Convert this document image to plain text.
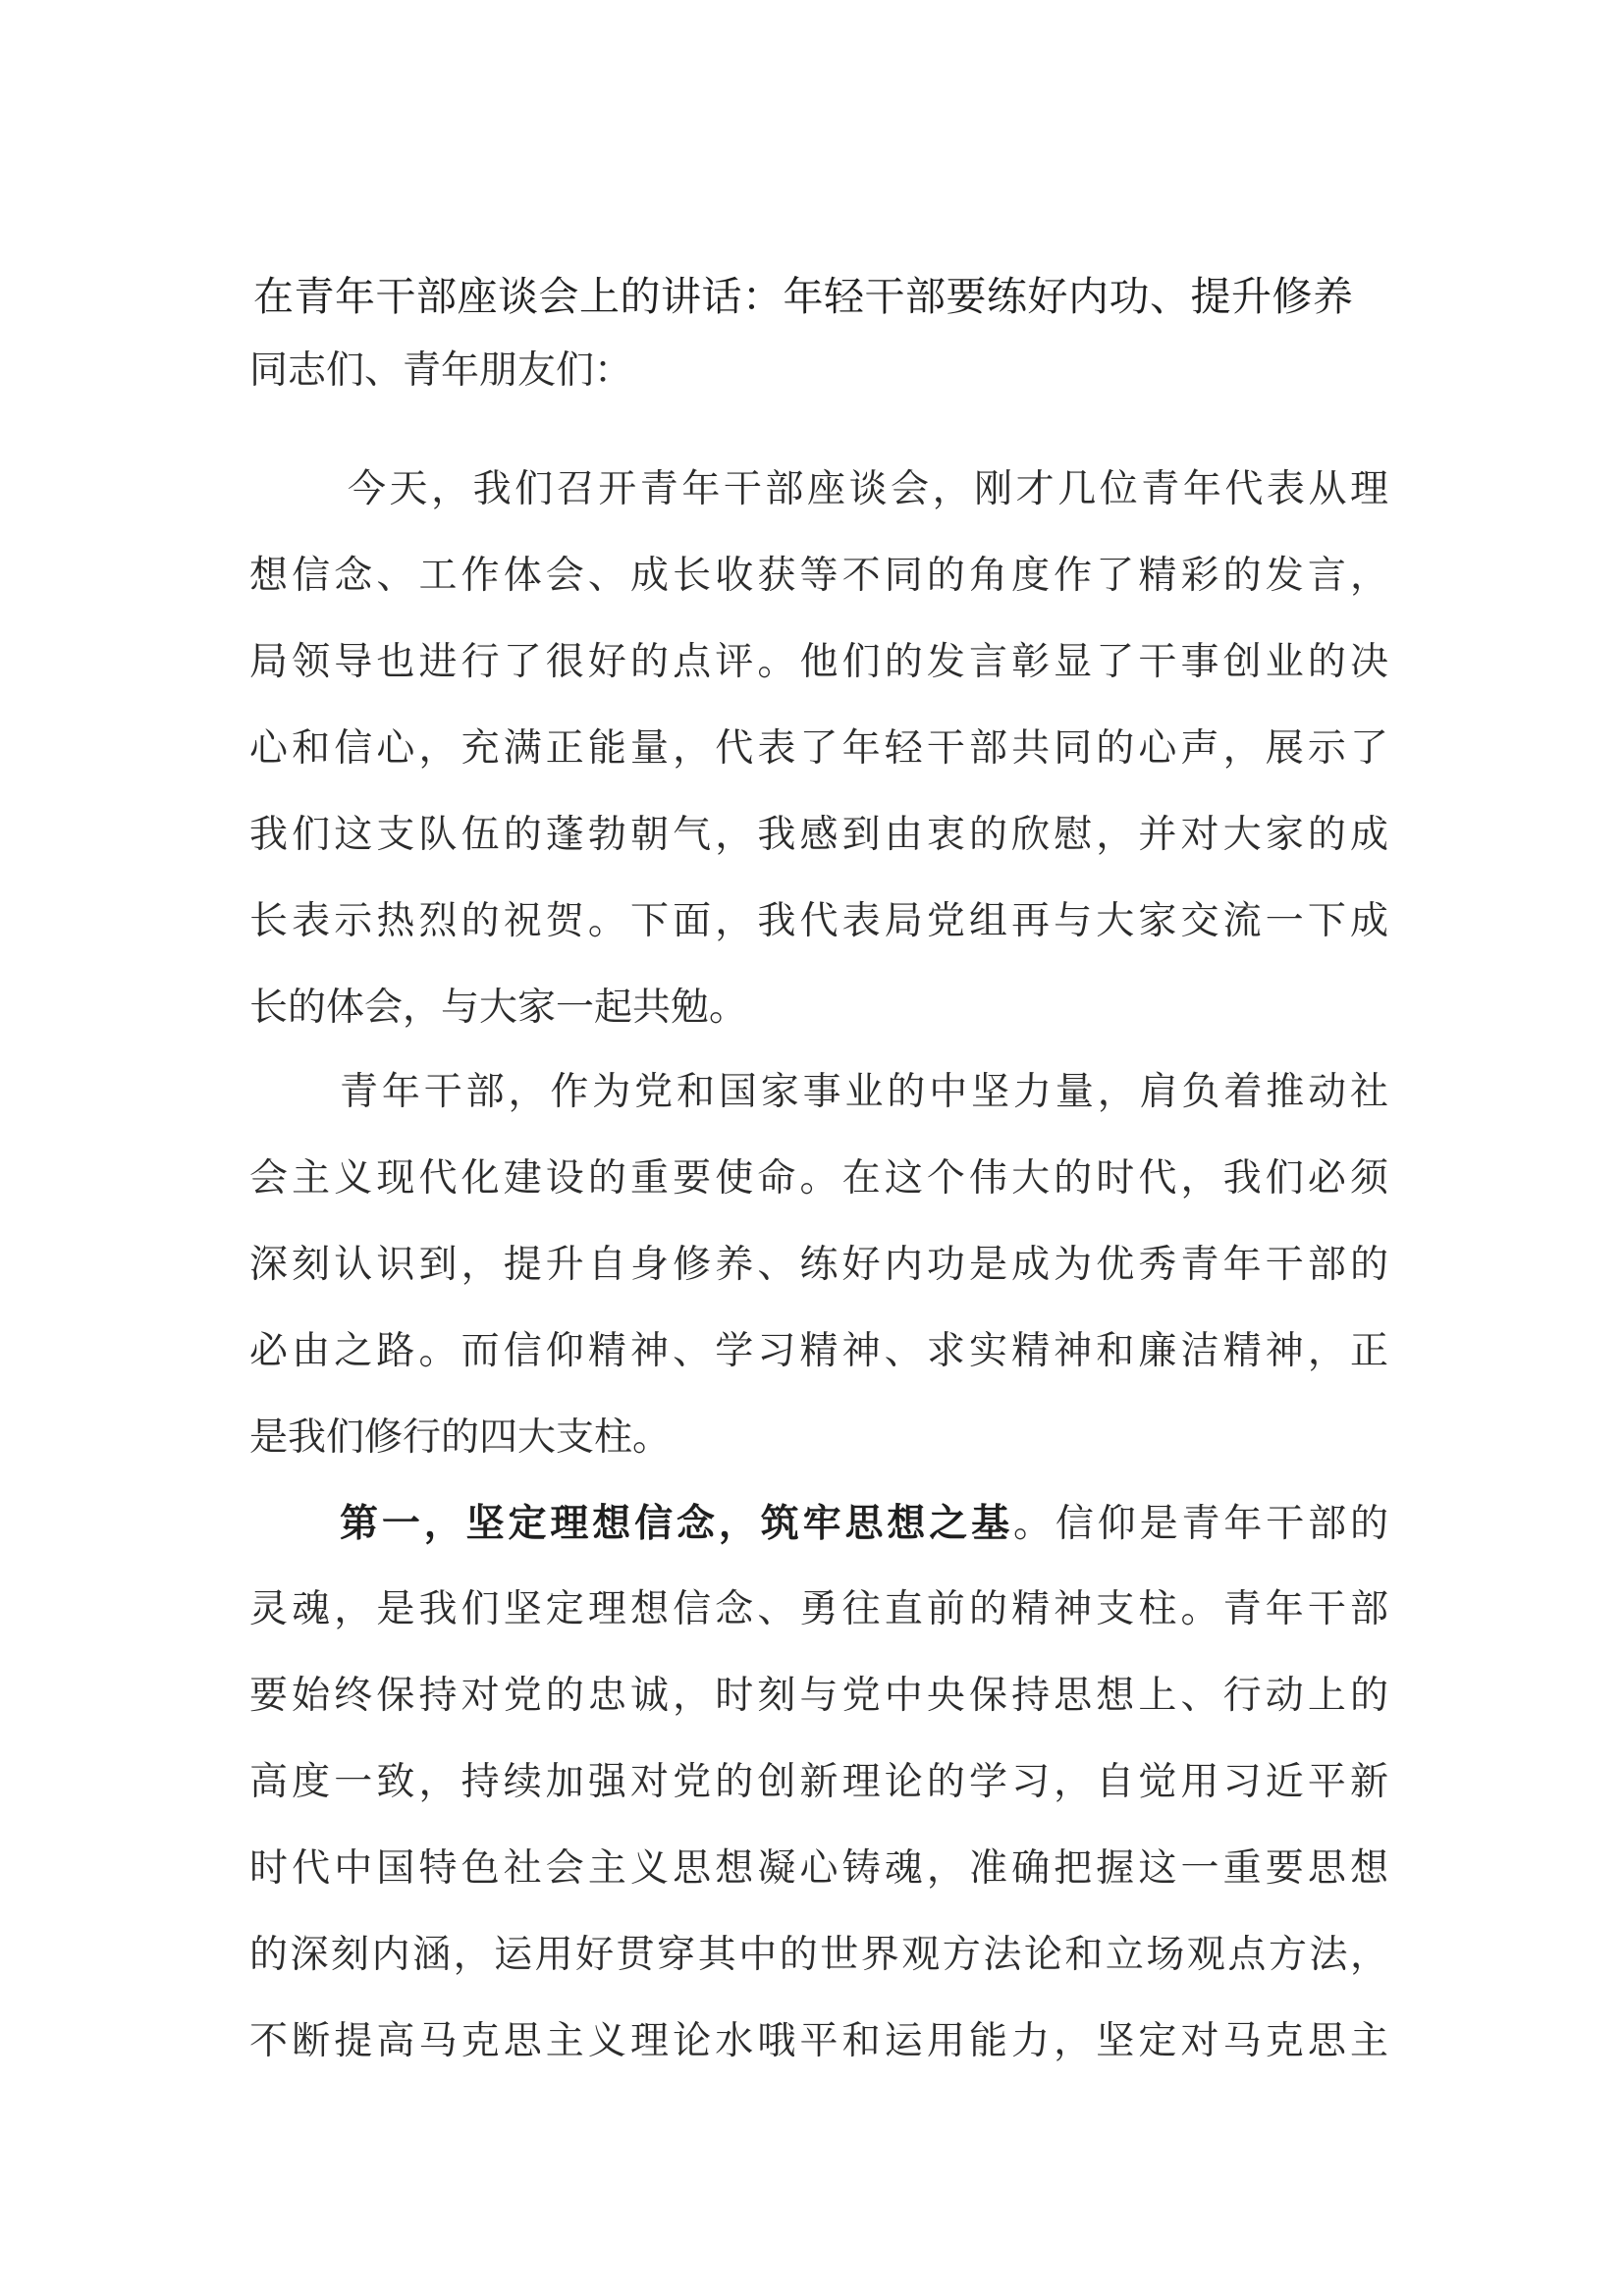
在青年干部座谈会上的讲话：年轻干部要练好内功、提升修养
同志们、青年朋友们：
今天，我们召开青年干部座谈会，刚才几位青年代表从理
想信念、工作体会、成长收获等不同的角度作了精彩的发言，
局领导也进行了很好的点评。他们的发言彰显了干事创业的决
心和信心，充满正能量，代表了年轻干部共同的心声，展示了
我们这支队伍的蓬勃朝气，我感到由衷的欣慰，并对大家的成
长表示热烈的祝贺。下面，我代表局党组再与大家交流一下成
长的体会，与大家一起共勉。
青年干部，作为党和国家事业的中坚力量，肩负着推动社
会主义现代化建设的重要使命。在这个伟大的时代，我们必须
深刻认识到，提升自身修养、练好内功是成为优秀青年干部的
必由之路。而信仰精神、学习精神、求实精神和廉洁精神，正
是我们修行的四大支柱。
第一，坚定理想信念，筑牢思想之基。信仰是青年干部的
灵魂，是我们坚定理想信念、勇往直前的精神支柱。青年干部
要始终保持对党的忠诚，时刻与党中央保持思想上、行动上的
高度一致，持续加强对党的创新理论的学习，自觉用习近平新
时代中国特色社会主义思想凝心铸魂，准确把握这一重要思想
的深刻内涵，运用好贯穿其中的世界观方法论和立场观点方法，
不断提高马克思主义理论水哦平和运用能力，坚定对马克思主
